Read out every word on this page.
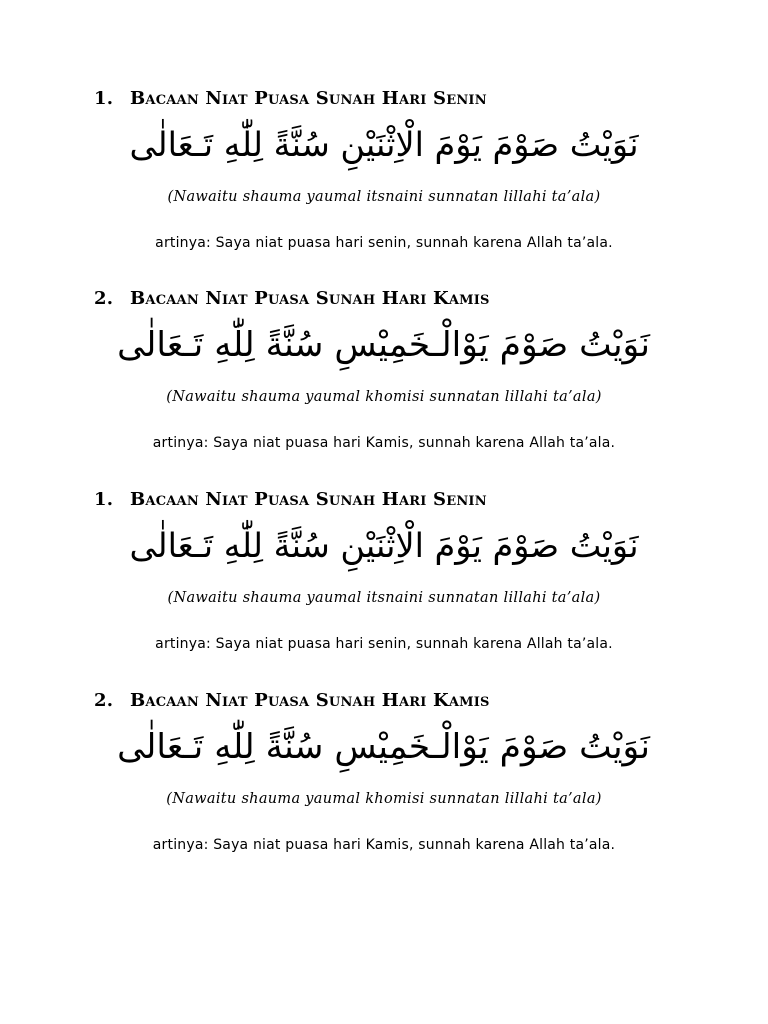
1. Bacaan Niat Puasa Sunah Hari Senin
نَوَيْتُ صَوْمَ يَوْمَ الْاِثْنَيْنِ سُنَّةً لِلّٰهِ تَـعَالٰى
(Nawaitu shauma yaumal itsnaini sunnatan lillahi ta’ala)
artinya: Saya niat puasa hari senin, sunnah karena Allah ta’ala.
2. Bacaan Niat Puasa Sunah Hari Kamis
نَوَيْتُ صَوْمَ يَوْالْـخَمِيْسِ سُنَّةً لِلّٰهِ تَـعَالٰى
(Nawaitu shauma yaumal khomisi sunnatan lillahi ta’ala)
artinya: Saya niat puasa hari Kamis, sunnah karena Allah ta’ala.
1. Bacaan Niat Puasa Sunah Hari Senin
نَوَيْتُ صَوْمَ يَوْمَ الْاِثْنَيْنِ سُنَّةً لِلّٰهِ تَـعَالٰى
(Nawaitu shauma yaumal itsnaini sunnatan lillahi ta’ala)
artinya: Saya niat puasa hari senin, sunnah karena Allah ta’ala.
2. Bacaan Niat Puasa Sunah Hari Kamis
نَوَيْتُ صَوْمَ يَوْالْـخَمِيْسِ سُنَّةً لِلّٰهِ تَـعَالٰى
(Nawaitu shauma yaumal khomisi sunnatan lillahi ta’ala)
artinya: Saya niat puasa hari Kamis, sunnah karena Allah ta’ala.
